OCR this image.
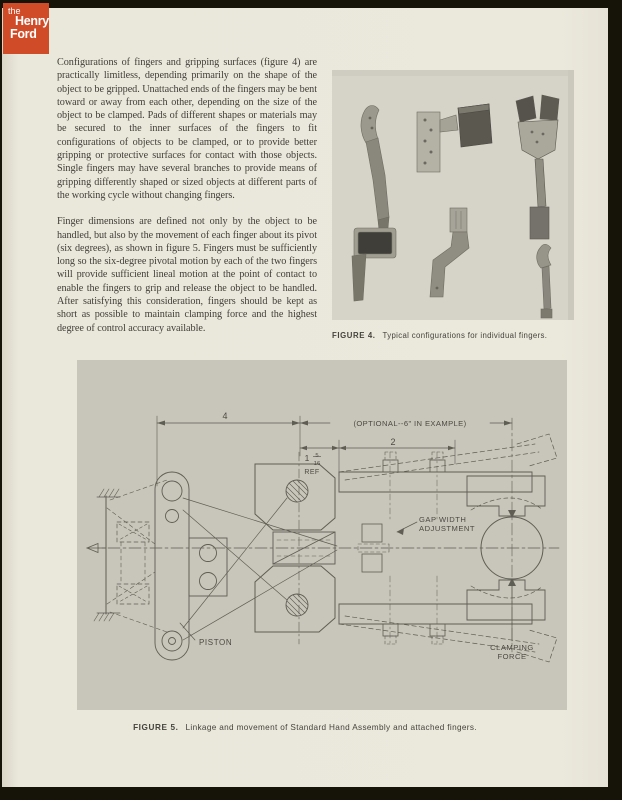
Configurations of fingers and gripping surfaces (figure 4) are practically limitless, depending primarily on the shape of the object to be gripped. Unattached ends of the fingers may be bent toward or away from each other, depending on the size of the object to be clamped. Pads of different shapes or materials may be secured to the inner surfaces of the fingers to fit configurations of objects to be clamped, or to provide better gripping or protective surfaces for contact with those objects. Single fingers may have several branches to provide means of gripping differently shaped or sized objects at different parts of the working cycle without changing fingers.

Finger dimensions are defined not only by the object to be handled, but also by the movement of each finger about its pivot (six degrees), as shown in figure 5. Fingers must be sufficiently long so the six-degree pivotal motion by each of the two fingers will provide sufficient lineal motion at the point of contact to enable the fingers to grip and release the object to be handled. After satisfying this consideration, fingers should be kept as short as possible to maintain clamping force and the highest degree of control accuracy available.

FIGURE 4. Typical configurations for individual fingers.
4
(OPTIONAL--6" IN EXAMPLE)
1 5
16
REF
2
GAP WIDTH
ADJUSTMENT
PISTON
CLAMPING
FORCE
FIGURE 5. Linkage and movement of Standard Hand Assembly and attached fingers.
the
Henry
Ford
